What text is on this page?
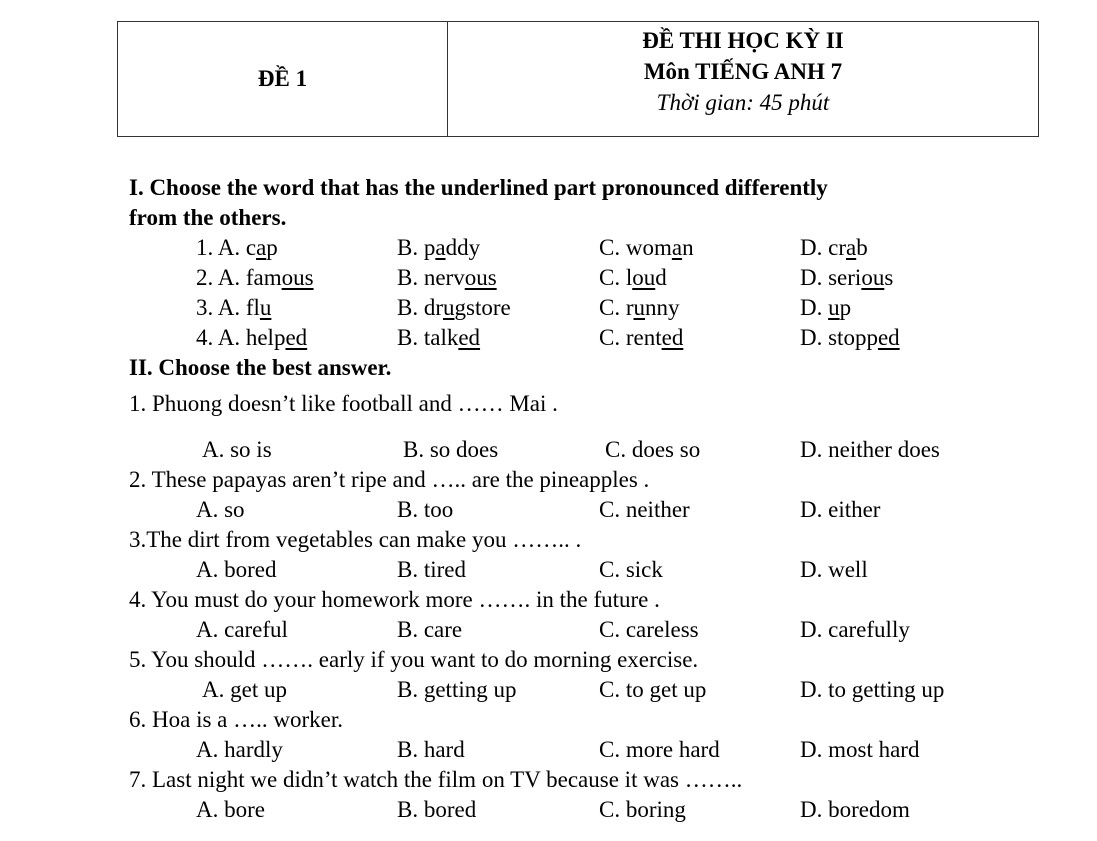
ĐỀ 1
ĐỀ THI HỌC KỲ II
Môn TIẾNG ANH 7
Thời gian: 45 phút
I. Choose the word that has the underlined part pronounced differently
from the others.
1. A. cap	B. paddy	C. woman	D. crab
2. A. famous	B. nervous	C. loud	D. serious
3. A. flu	B. drugstore	C. runny	D. up
4. A. helped	B. talked	C. rented	D. stopped
II. Choose the best answer.
1. Phuong doesn’t like football and …… Mai .
A. so is	B. so does	C. does so	D. neither does
2. These papayas aren’t ripe and ….. are the pineapples .
A. so	B. too	C. neither	D. either
3.The dirt from vegetables can make you …….. .
A. bored	B. tired	C. sick	D. well
4. You must do your homework more ……. in the future .
A. careful	B. care	C. careless	D. carefully
5. You should ……. early if you want to do morning exercise.
A. get up	B. getting up	C. to get up	D. to getting up
6. Hoa is a ….. worker.
A. hardly	B. hard	C. more hard	D. most hard
7. Last night we didn’t watch the film on TV because it was ……..
A. bore	B. bored	C. boring	D. boredom
